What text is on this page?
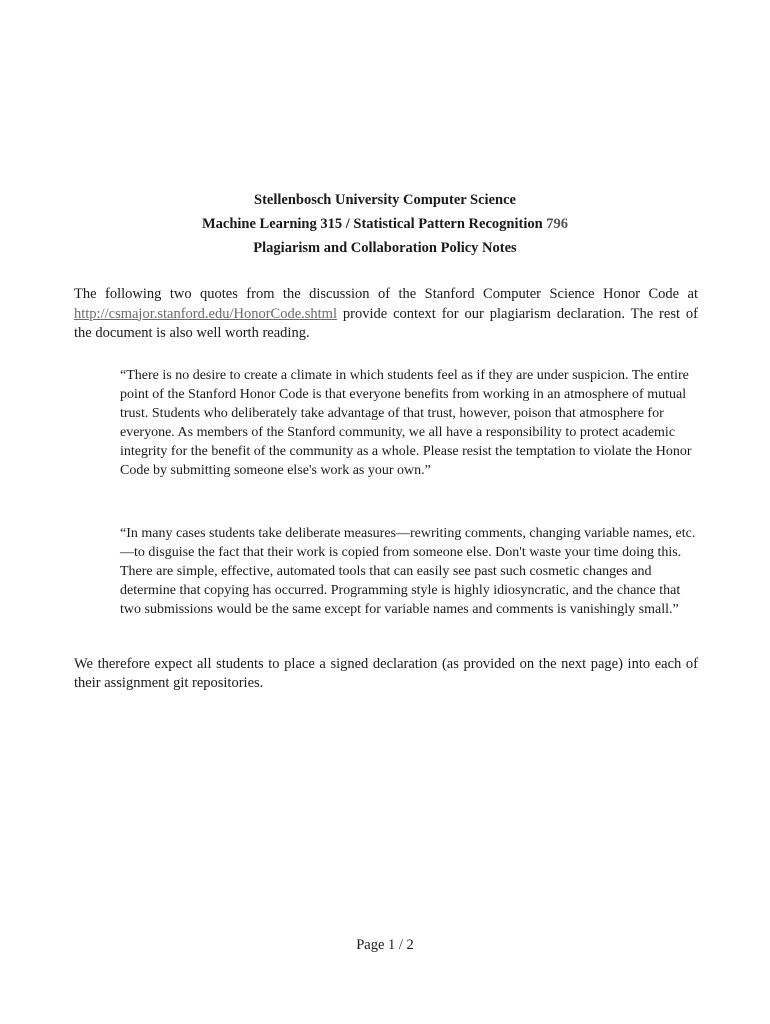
Stellenbosch University Computer Science
Machine Learning 315 / Statistical Pattern Recognition 796
Plagiarism and Collaboration Policy Notes
The following two quotes from the discussion of the Stanford Computer Science Honor Code at http://csmajor.stanford.edu/HonorCode.shtml provide context for our plagiarism declaration. The rest of the document is also well worth reading.
“There is no desire to create a climate in which students feel as if they are under suspicion. The entire point of the Stanford Honor Code is that everyone benefits from working in an atmosphere of mutual trust. Students who deliberately take advantage of that trust, however, poison that atmosphere for everyone. As members of the Stanford community, we all have a responsibility to protect academic integrity for the benefit of the community as a whole. Please resist the temptation to violate the Honor Code by submitting someone else's work as your own.”
“In many cases students take deliberate measures—rewriting comments, changing variable names, etc.—to disguise the fact that their work is copied from someone else. Don't waste your time doing this. There are simple, effective, automated tools that can easily see past such cosmetic changes and determine that copying has occurred. Programming style is highly idiosyncratic, and the chance that two submissions would be the same except for variable names and comments is vanishingly small.”
We therefore expect all students to place a signed declaration (as provided on the next page) into each of their assignment git repositories.
Page 1 / 2
